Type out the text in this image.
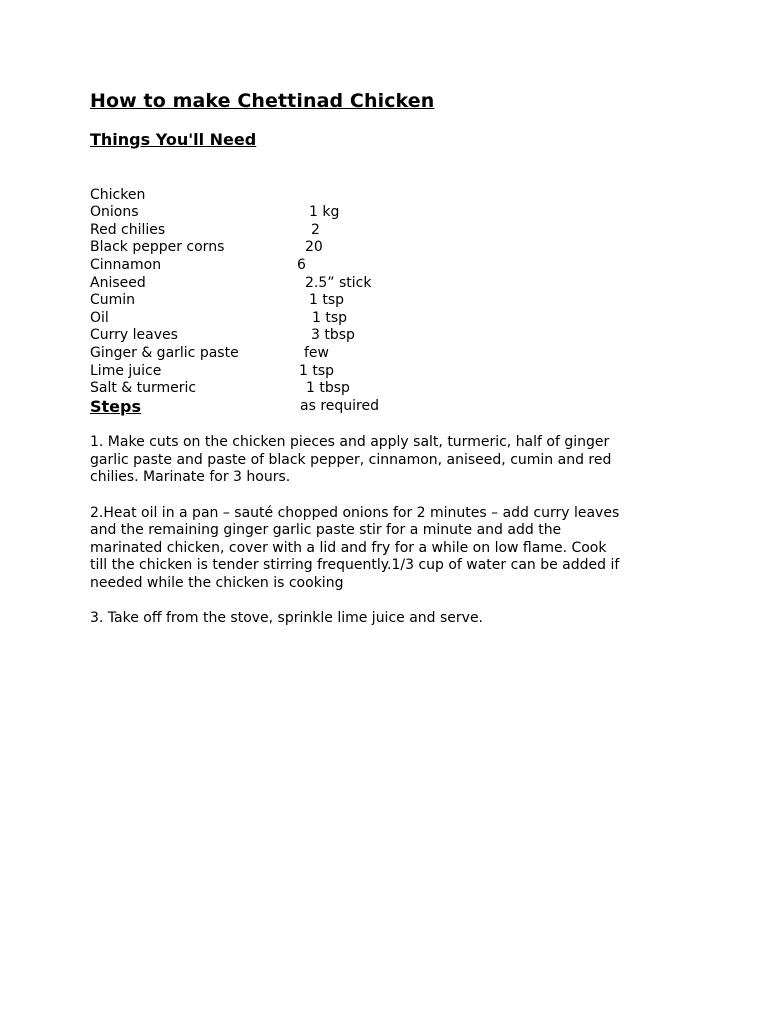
How to make Chettinad Chicken
Things You'll Need

Chicken

1 kg

Onions

2

Red chilies

20

Black pepper corns

6

Cinnamon

2.5” stick

Aniseed

1 tsp

Cumin

1 tsp

Oil

3 tbsp

Curry leaves

few

Ginger & garlic paste

1 tsp

Lime juice

1 tbsp

Salt & turmeric

as required

Steps

1. Make cuts on the chicken pieces and apply salt, turmeric, half of ginger
garlic paste and paste of black pepper, cinnamon, aniseed, cumin and red
chilies. Marinate for 3 hours.

2.Heat oil in a pan – sauté chopped onions for 2 minutes – add curry leaves
and the remaining ginger garlic paste stir for a minute and add the
marinated chicken, cover with a lid and fry for a while on low flame. Cook
till the chicken is tender stirring frequently.1/3 cup of water can be added if
needed while the chicken is cooking

3. Take off from the stove, sprinkle lime juice and serve.
